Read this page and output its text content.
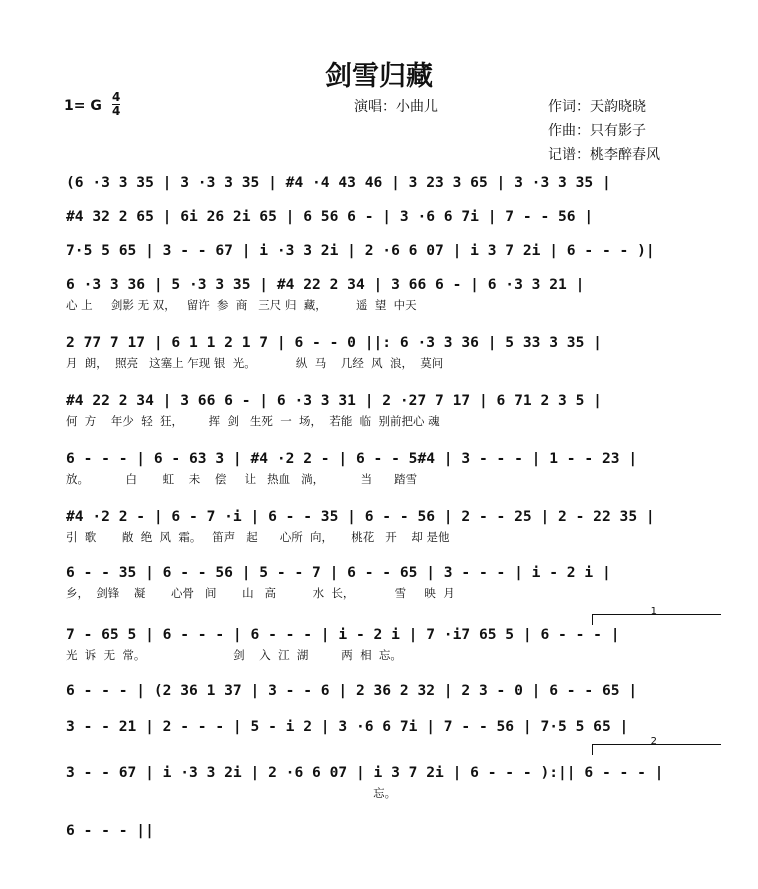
剑雪归藏
1= G
4
4	演唱：小曲儿	作词：天韵晓晓
作曲：只有影子
记谱：桃李醉春风
(6 ·3 3 35 | 3 ·3 3 35 | #4 ·4 43 46 | 3 23 3 65 | 3 ·3 3 35 |
#4 32 2 65 | 6i 26 2i 65 | 6 56 6 - | 3 ·6 6 7i | 7 - - 56 |
7·5 5 65 | 3 - - 67 | i ·3 3 2i | 2 ·6 6 07 | i 3 7 2i | 6 - - - )|
6 ·3 3 36 | 5 ·3 3 35 | #4 22 2 34 | 3 66 6 - | 6 ·3 3 21 |
心 上     剑影 无 双，   留许  参  商   三尺 归  藏，        遥  望  中天
2 77 7 17 | 6 1 1 2 1 7 | 6 - - 0 ||: 6 ·3 3 36 | 5 33 3 35 |
月  朗，  照亮   这塞上 乍现 银  光。           纵  马    几经  风  浪，  莫问
#4 22 2 34 | 3 66 6 - | 6 ·3 3 31 | 2 ·27 7 17 | 6 71 2 3 5 |
何  方    年少  轻  狂，       挥  剑   生死  一  场，  若能  临  别前把心 魂
6 - - - | 6 - 63 3 | #4 ·2 2 - | 6 - - 5#4 | 3 - - - | 1 - - 23 |
放。          白       虹    未    偿     让   热血   淌，          当      踏雪
#4 ·2 2 - | 6 - 7 ·i | 6 - - 35 | 6 - - 56 | 2 - - 25 | 2 - 22 35 |
引  歌       敞  绝  风  霜。   笛声   起      心所  向，     桃花   开    却 是他
6 - - 35 | 6 - - 56 | 5 - - 7 | 6 - - 65 | 3 - - - | i - 2 i |
乡，  剑锋    凝       心骨   间       山   高          水  长，           雪     映  月
1
7 - 65 5 | 6 - - - | 6 - - - | i - 2 i | 7 ·i7 65 5 | 6 - - - |
光  诉  无  常。                        剑    入  江  湖         两  相  忘。
6 - - - | (2 36 1 37 | 3 - - 6 | 2 36 2 32 | 2 3 - 0 | 6 - - 65 |
3 - - 21 | 2 - - - | 5 - i 2 | 3 ·6 6 7i | 7 - - 56 | 7·5 5 65 |
2
3 - - 67 | i ·3 3 2i | 2 ·6 6 07 | i 3 7 2i | 6 - - - ):|| 6 - - - |
忘。
6 - - - ||
